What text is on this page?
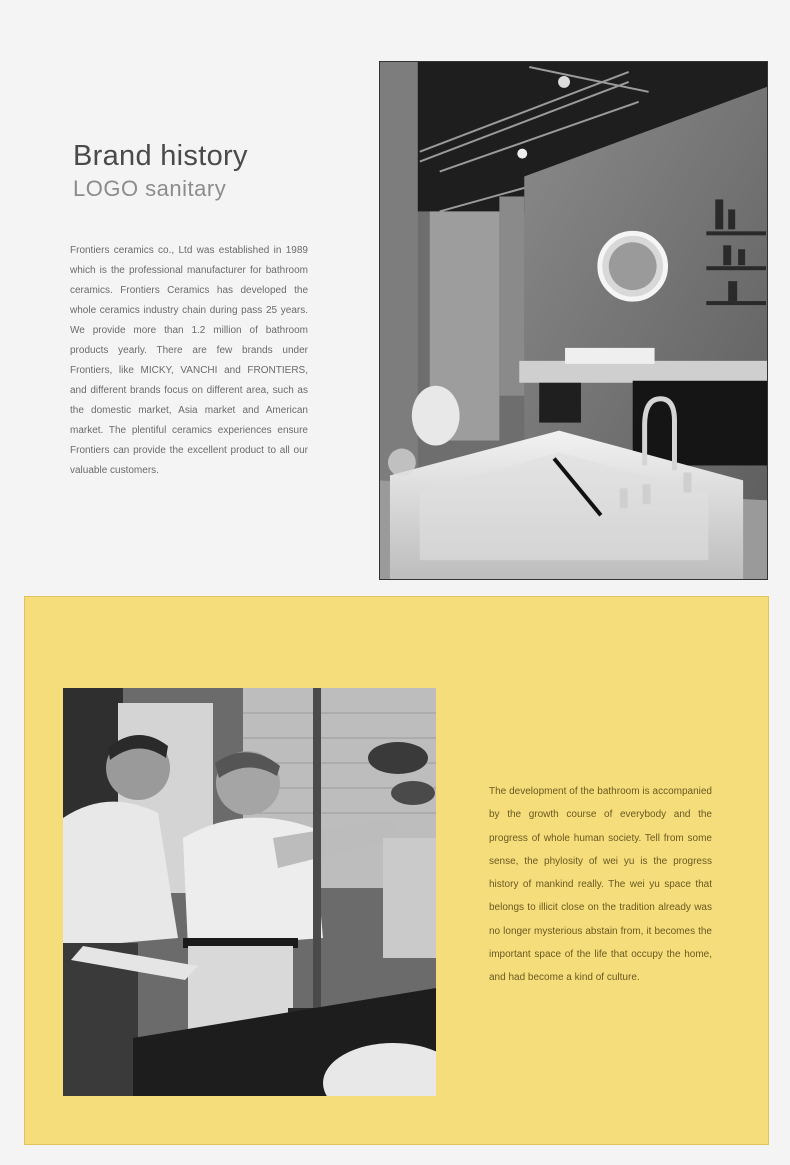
Brand history
LOGO sanitary

Frontiers ceramics co., Ltd was established in 1989 which is the professional manufacturer for bathroom ceramics. Frontiers Ceramics has developed the whole ceramics industry chain during pass 25 years. We provide more than 1.2 million of bathroom products yearly. There are few brands under Frontiers, like MICKY, VANCHI and FRONTIERS, and different brands focus on different area, such as the domestic market, Asia market and American market. The plentiful ceramics experiences ensure Frontiers can provide the excellent product to all our valuable customers.

The development of the bathroom is accompanied by the growth course of everybody and the progress of whole human society. Tell from some sense, the phylosity of wei yu is the progress history of mankind really. The wei yu space that belongs to illicit close on the tradition already was no longer mysterious abstain from, it becomes the important space of the life that occupy the home, and had become a kind of culture.
